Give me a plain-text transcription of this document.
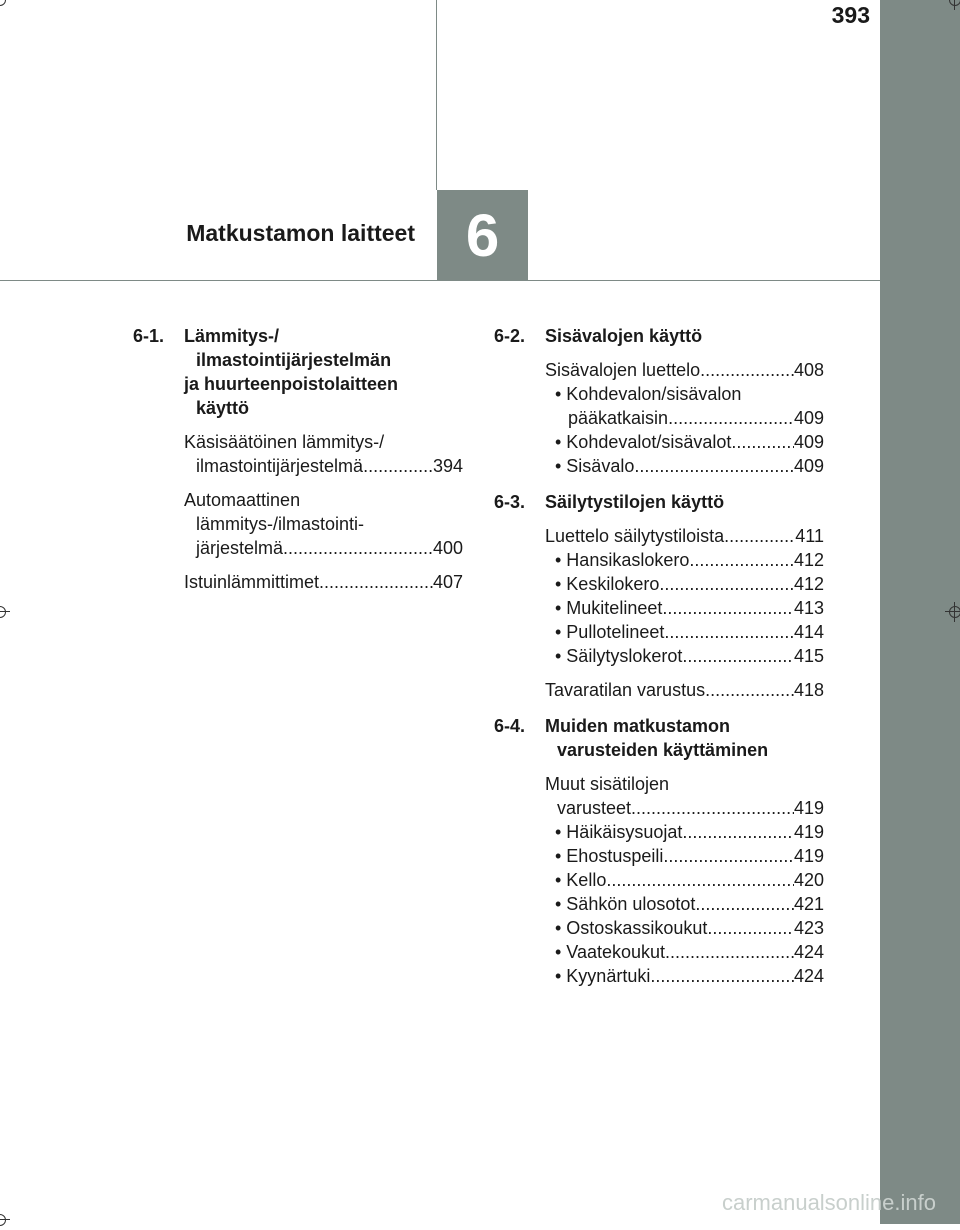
393
6
Matkustamon laitteet
6-1.	Lämmitys-/
ilmastointijärjestelmän
ja huurteenpoistolaitteen
käyttö
Käsisäätöinen lämmitys-/
ilmastointijärjestelmä .....	394
Automaattinen
lämmitys-/ilmastointi-
järjestelmä .....	400
Istuinlämmittimet .....	407
6-2.	Sisävalojen käyttö
Sisävalojen luettelo .....	408
• Kohdevalon/sisävalon
pääkatkaisin .....	409
• Kohdevalot/sisävalot .....	409
• Sisävalo .....	409
6-3.	Säilytystilojen käyttö
Luettelo säilytystiloista .....	411
• Hansikaslokero .....	412
• Keskilokero .....	412
• Mukitelineet .....	413
• Pullotelineet .....	414
• Säilytyslokerot .....	415
Tavaratilan varustus .....	418
6-4.	Muiden matkustamon
varusteiden käyttäminen
Muut sisätilojen
varusteet .....	419
• Häikäisysuojat .....	419
• Ehostuspeili .....	419
• Kello .....	420
• Sähkön ulosotot .....	421
• Ostoskassikoukut .....	423
• Vaatekoukut .....	424
• Kyynärtuki .....	424
carmanualsonline.info
